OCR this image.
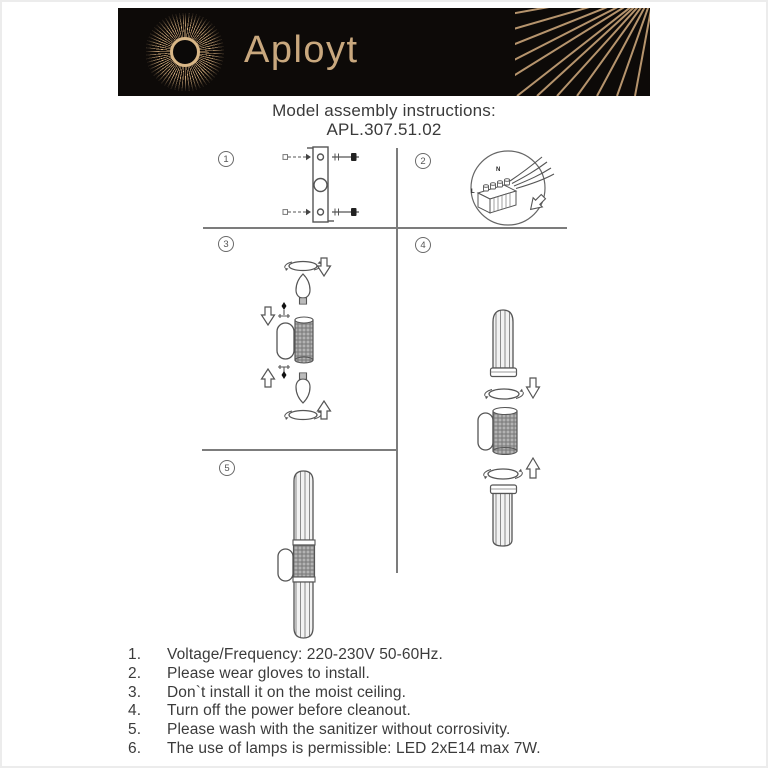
Aployt
Model assembly instructions:
APL.307.51.02
1	2
3	4
5
N
L
1.	Voltage/Frequency: 220-230V 50-60Hz.
2.	Please wear gloves to install.
3.	Don`t install it on the moist ceiling.
4.	Turn off the power before cleanout.
5.	Please wash with the sanitizer without corrosivity.
6.	The use of lamps is permissible: LED 2xE14 max 7W.
